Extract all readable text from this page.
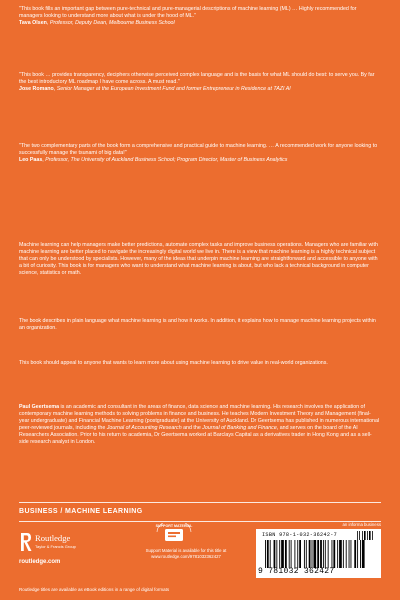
"This book fills an important gap between pure-technical and pure-managerial descriptions of machine learning (ML) … Highly recommended for managers looking to understand more about what is under the hood of ML."
Tava Olsen, Professor, Deputy Dean, Melbourne Business School
"This book … provides transparency, deciphers otherwise perceived complex language and is the basis for what ML should do best: to serve you. By far the best introductory ML roadmap I have come across. A must read."
Jose Romano, Senior Manager at the European Investment Fund and former Entrepreneur in Residence at TAZI AI
"The two complementary parts of the book form a comprehensive and practical guide to machine learning. … A recommended work for anyone looking to successfully manage the tsunami of big data!"
Leo Paas, Professor, The University of Auckland Business School; Program Director, Master of Business Analytics
Machine learning can help managers make better predictions, automate complex tasks and improve business operations. Managers who are familiar with machine learning are better placed to navigate the increasingly digital world we live in. There is a view that machine learning is a highly technical subject that can only be understood by specialists. However, many of the ideas that underpin machine learning are straightforward and accessible to anyone with a bit of curiosity. This book is for managers who want to understand what machine learning is about, but who lack a technical background in computer science, statistics or math.
The book describes in plain language what machine learning is and how it works. In addition, it explains how to manage machine learning projects within an organization.
This book should appeal to anyone that wants to learn more about using machine learning to drive value in real-world organizations.
Paul Geertsema is an academic and consultant in the areas of finance, data science and machine learning. His research involves the application of contemporary machine learning methods to solving problems in finance and business. He teaches Modern Investment Theory and Management (final-year undergraduate) and Financial Machine Learning (postgraduate) at the University of Auckland. Dr Geertsema has published in numerous international peer-reviewed journals, including the Journal of Accounting Research and the Journal of Banking and Finance, and serves on the board of the AI Researchers Association. Prior to his return to academia, Dr Geertsema worked at Barclays Capital as a derivatives trader in Hong Kong and as a sell-side research analyst in London.
BUSINESS / MACHINE LEARNING
Routledge
Taylor & Francis Group
routledge.com
SUPPORT MATERIAL
Support Material is available for this title at
www.routledge.com/9781032362427
an informa business
ISBN 978-1-032-36242-7
9 781032 362427
Routledge titles are available as eBook editions in a range of digital formats
